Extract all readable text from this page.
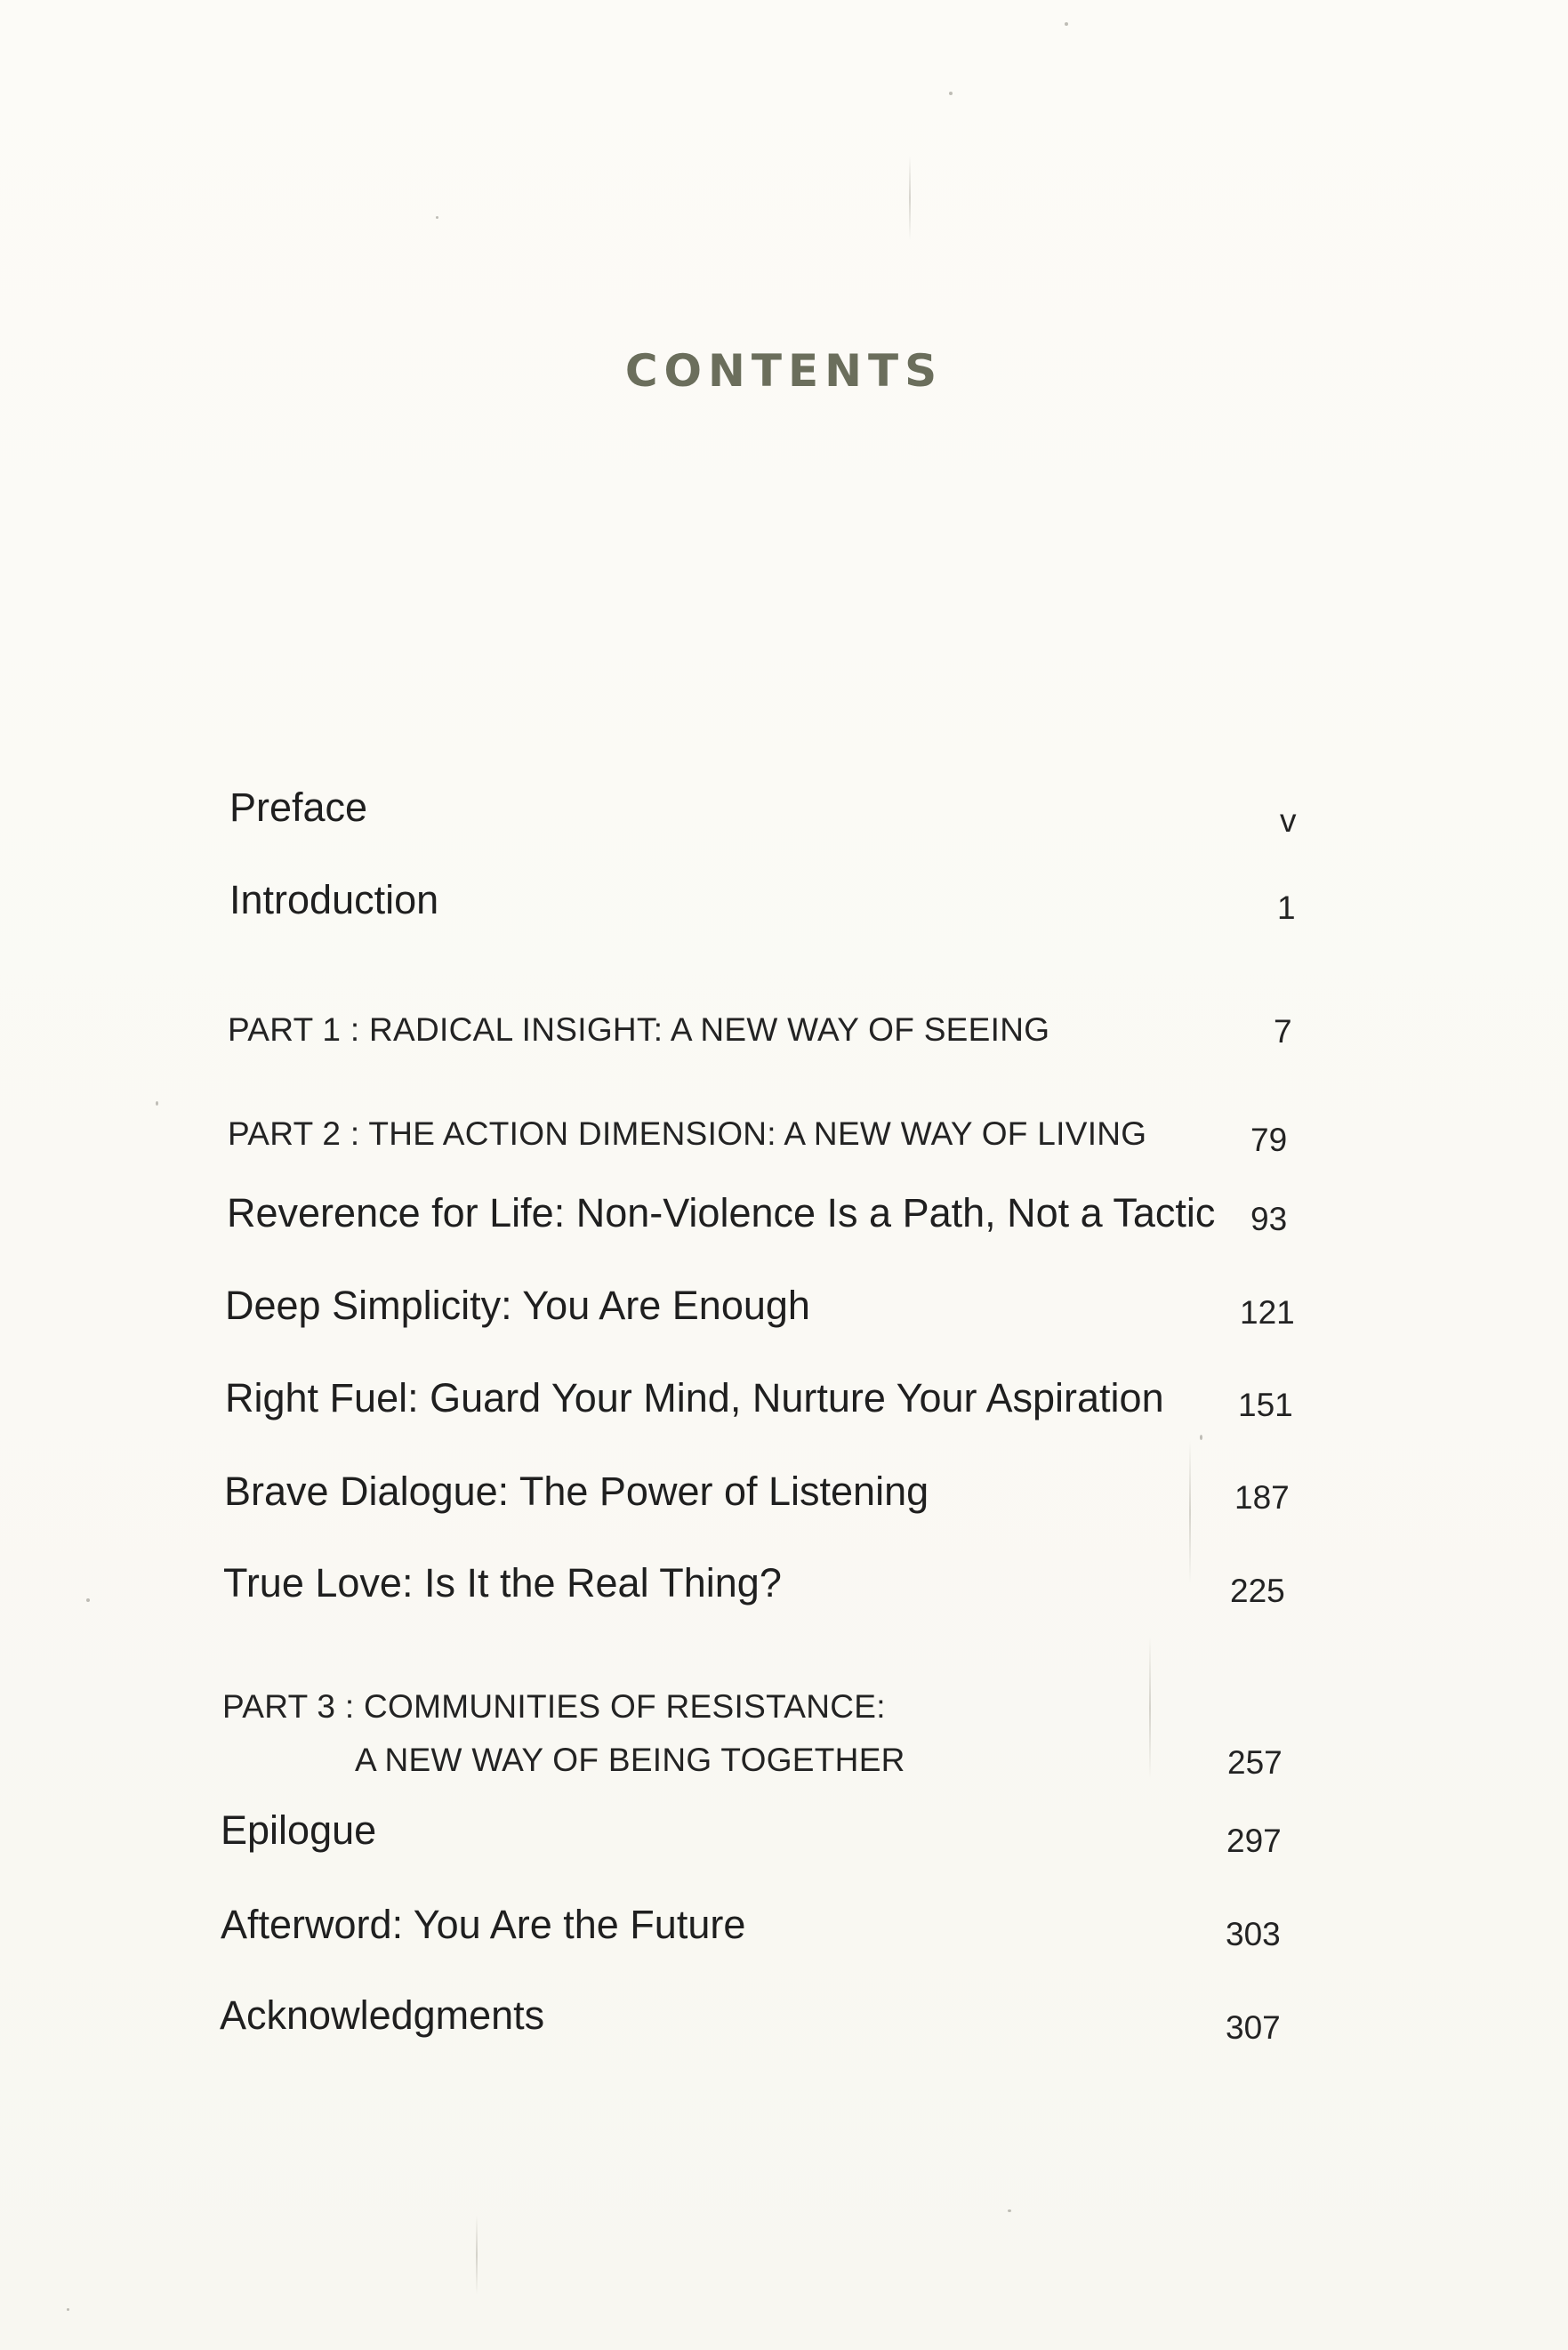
CONTENTS
Preface	v
Introduction	1
PART 1 : RADICAL INSIGHT: A NEW WAY OF SEEING	7
PART 2 : THE ACTION DIMENSION: A NEW WAY OF LIVING	79
Reverence for Life: Non-Violence Is a Path, Not a Tactic 93
Deep Simplicity: You Are Enough	121
Right Fuel: Guard Your Mind, Nurture Your Aspiration 151
Brave Dialogue: The Power of Listening	187
True Love: Is It the Real Thing?	225
PART 3 : COMMUNITIES OF RESISTANCE:
A NEW WAY OF BEING TOGETHER	257
Epilogue	297
Afterword: You Are the Future	303
Acknowledgments	307
